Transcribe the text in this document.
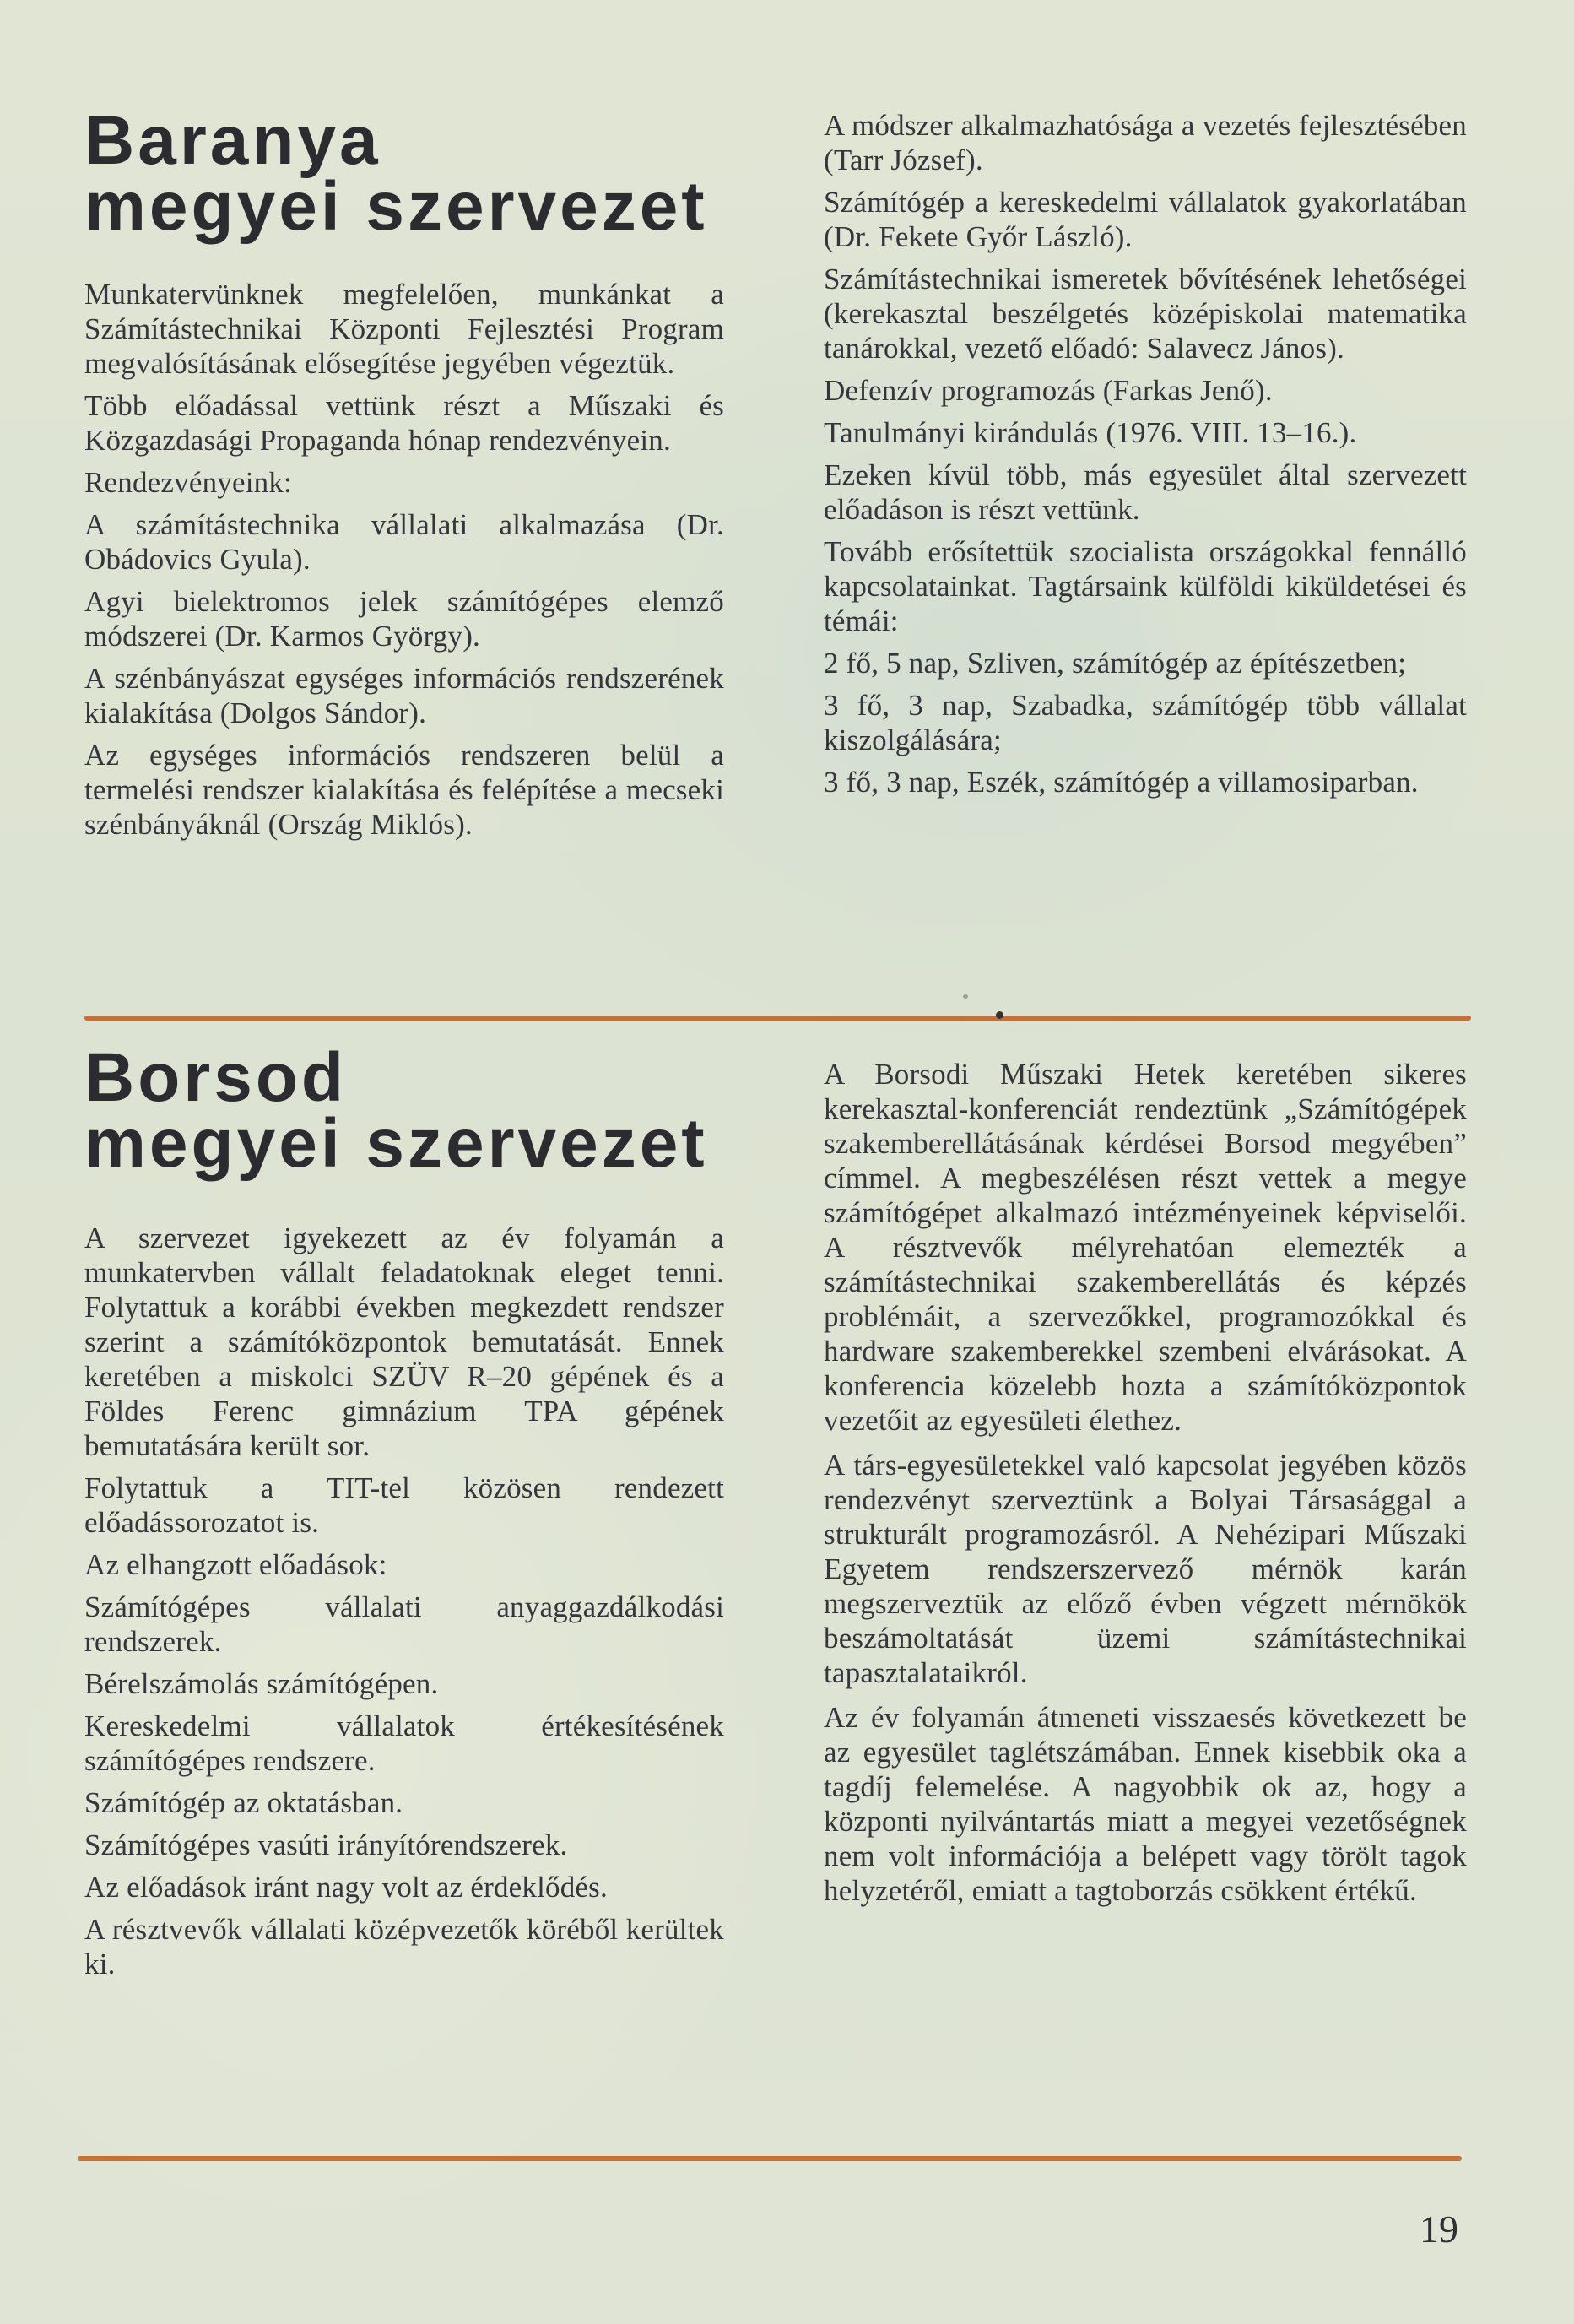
Baranya
megyei szervezet

Munkatervünknek megfelelően, munkánkat a Számítástechnikai Központi Fejlesztési Program megvalósításának elősegítése jegyében végeztük.

Több előadással vettünk részt a Műszaki és Közgazdasági Propaganda hónap rendezvényein.

Rendezvényeink:

A számítástechnika vállalati alkalmazása (Dr. Obádovics Gyula).

Agyi bielektromos jelek számítógépes elemző módszerei (Dr. Karmos György).

A szénbányászat egységes információs rendszerének kialakítása (Dolgos Sándor).

Az egységes információs rendszeren belül a termelési rendszer kialakítása és felépítése a mecseki szénbányáknál (Ország Miklós).

A módszer alkalmazhatósága a vezetés fejlesztésében (Tarr József).

Számítógép a kereskedelmi vállalatok gyakorlatában (Dr. Fekete Győr László).

Számítástechnikai ismeretek bővítésének lehetőségei (kerekasztal beszélgetés középiskolai matematika tanárokkal, vezető előadó: Salavecz János).

Defenzív programozás (Farkas Jenő).

Tanulmányi kirándulás (1976. VIII. 13–16.).

Ezeken kívül több, más egyesület által szervezett előadáson is részt vettünk.

Tovább erősítettük szocialista országokkal fennálló kapcsolatainkat. Tagtársaink külföldi kiküldetései és témái:

2 fő, 5 nap, Szliven, számítógép az építészetben;

3 fő, 3 nap, Szabadka, számítógép több vállalat kiszolgálására;

3 fő, 3 nap, Eszék, számítógép a villamosiparban.

Borsod
megyei szervezet

A szervezet igyekezett az év folyamán a munkatervben vállalt feladatoknak eleget tenni. Folytattuk a korábbi években megkezdett rendszer szerint a számítóközpontok bemutatását. Ennek keretében a miskolci SZÜV R–20 gépének és a Földes Ferenc gimnázium TPA gépének bemutatására került sor.

Folytattuk a TIT-tel közösen rendezett előadássorozatot is.

Az elhangzott előadások:

Számítógépes vállalati anyaggazdálkodási rendszerek.

Bérelszámolás számítógépen.

Kereskedelmi vállalatok értékesítésének számítógépes rendszere.

Számítógép az oktatásban.

Számítógépes vasúti irányítórendszerek.

Az előadások iránt nagy volt az érdeklődés.

A résztvevők vállalati középvezetők köréből kerültek ki.

A Borsodi Műszaki Hetek keretében sikeres kerekasztal-konferenciát rendeztünk „Számítógépek szakemberellátásának kérdései Borsod megyében” címmel. A megbeszélésen részt vettek a megye számítógépet alkalmazó intézményeinek képviselői. A résztvevők mélyrehatóan elemezték a számítástechnikai szakemberellátás és képzés problémáit, a szervezőkkel, programozókkal és hardware szakemberekkel szembeni elvárásokat. A konferencia közelebb hozta a számítóközpontok vezetőit az egyesületi élethez.

A társ-egyesületekkel való kapcsolat jegyében közös rendezvényt szerveztünk a Bolyai Társasággal a strukturált programozásról. A Nehézipari Műszaki Egyetem rendszerszervező mérnök karán megszerveztük az előző évben végzett mérnökök beszámoltatását üzemi számítástechnikai tapasztalataikról.

Az év folyamán átmeneti visszaesés következett be az egyesület taglétszámában. Ennek kisebbik oka a tagdíj felemelése. A nagyobbik ok az, hogy a központi nyilvántartás miatt a megyei vezetőségnek nem volt információja a belépett vagy törölt tagok helyzetéről, emiatt a tagtoborzás csökkent értékű.

19
